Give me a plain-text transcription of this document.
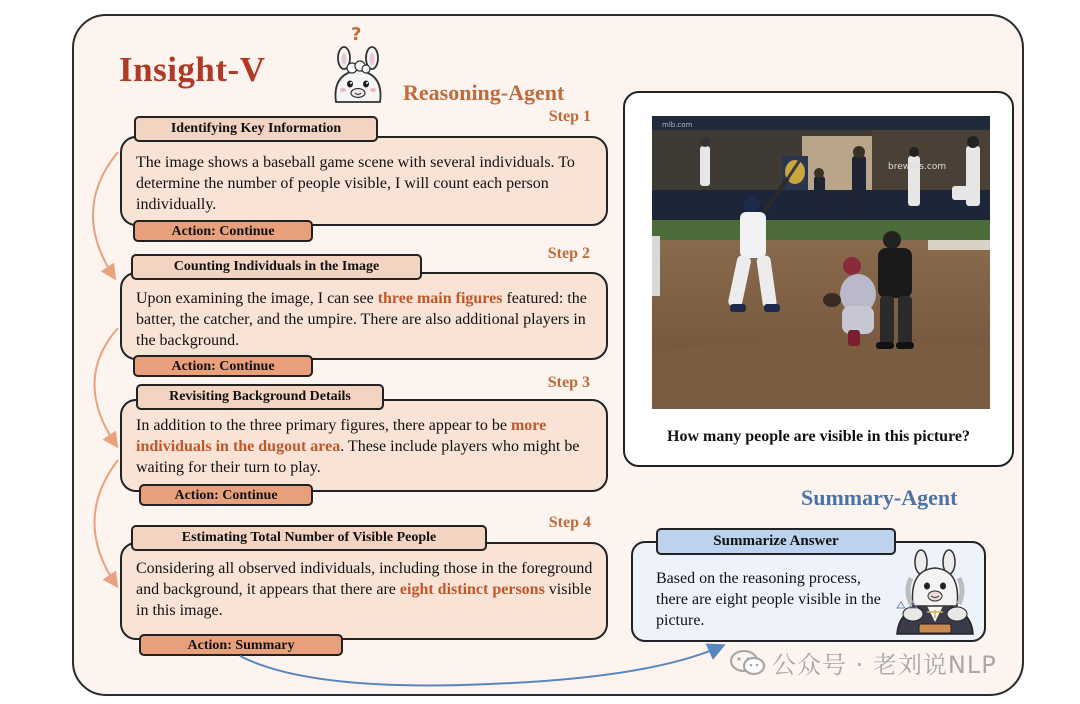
Insight-V
?
Reasoning-Agent
Step 1
The image shows a baseball game scene with several individuals. To determine the number of people visible, I will count each person individually.
Identifying Key Information
Action: Continue
Step 2
Upon examining the image, I can see three main figures featured: the batter, the catcher, and the umpire. There are also additional players in the background.
Counting Individuals in the Image
Action: Continue
Step 3
In addition to the three primary figures, there appear to be more individuals in the dugout area. These include players who might be waiting for their turn to play.
Revisiting Background Details
Action: Continue
Step 4
Considering all observed individuals, including those in the foreground and background, it appears that there are eight distinct persons visible in this image.
Estimating Total Number of Visible People
Action: Summary
brewers.com
mlb.com
How many people are visible in this picture?
Summary-Agent
Summarize Answer
Based on the reasoning process, there are eight people visible in the picture.
公众号 · 老刘说NLP
